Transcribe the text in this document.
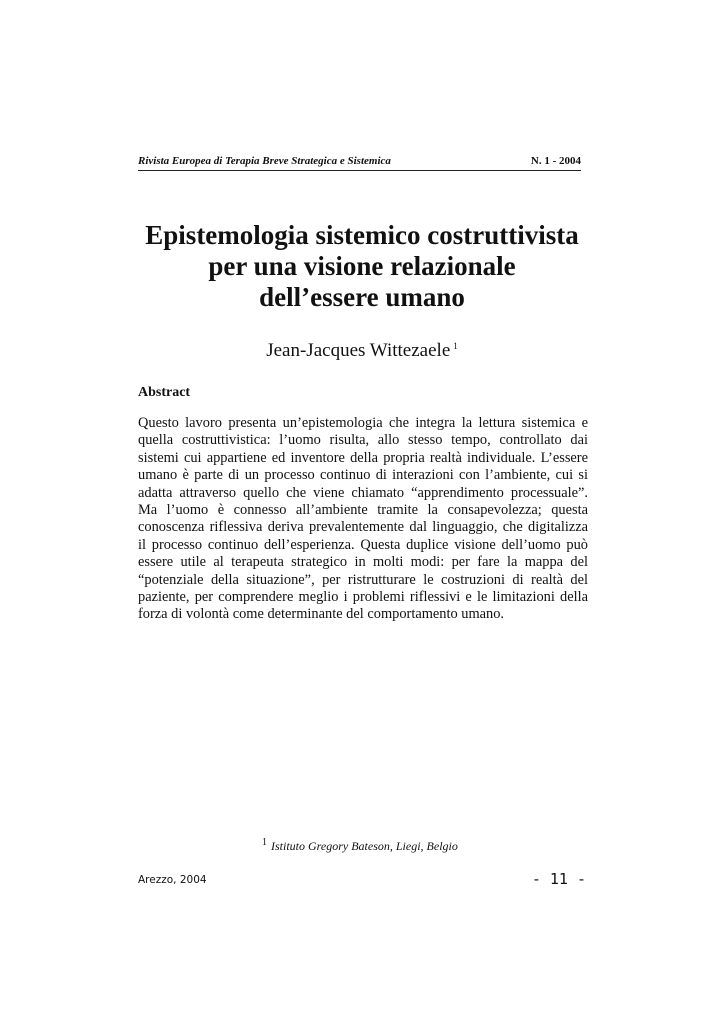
Rivista Europea di Terapia Breve Strategica e Sistemica	N. 1 - 2004
Epistemologia sistemico costruttivista
per una visione relazionale
dell’essere umano
Jean-Jacques Wittezaele $^1$
Abstract
Questo lavoro presenta un’epistemologia che integra la lettura sistemica e
quella costruttivistica: l’uomo risulta, allo stesso tempo, controllato dai
sistemi cui appartiene ed inventore della propria realtà individuale. L’essere
umano è parte di un processo continuo di interazioni con l’ambiente, cui si
adatta attraverso quello che viene chiamato “apprendimento processuale”.
Ma l’uomo è connesso all’ambiente tramite la consapevolezza; questa
conoscenza riflessiva deriva prevalentemente dal linguaggio, che digitalizza
il processo continuo dell’esperienza. Questa duplice visione dell’uomo può
essere utile al terapeuta strategico in molti modi: per fare la mappa del
“potenziale della situazione”, per ristrutturare le costruzioni di realtà del
paziente, per comprendere meglio i problemi riflessivi e le limitazioni della
forza di volontà come determinante del comportamento umano.
$^1$ Istituto Gregory Bateson, Liegi, Belgio
Arezzo, 2004	- 11 -
